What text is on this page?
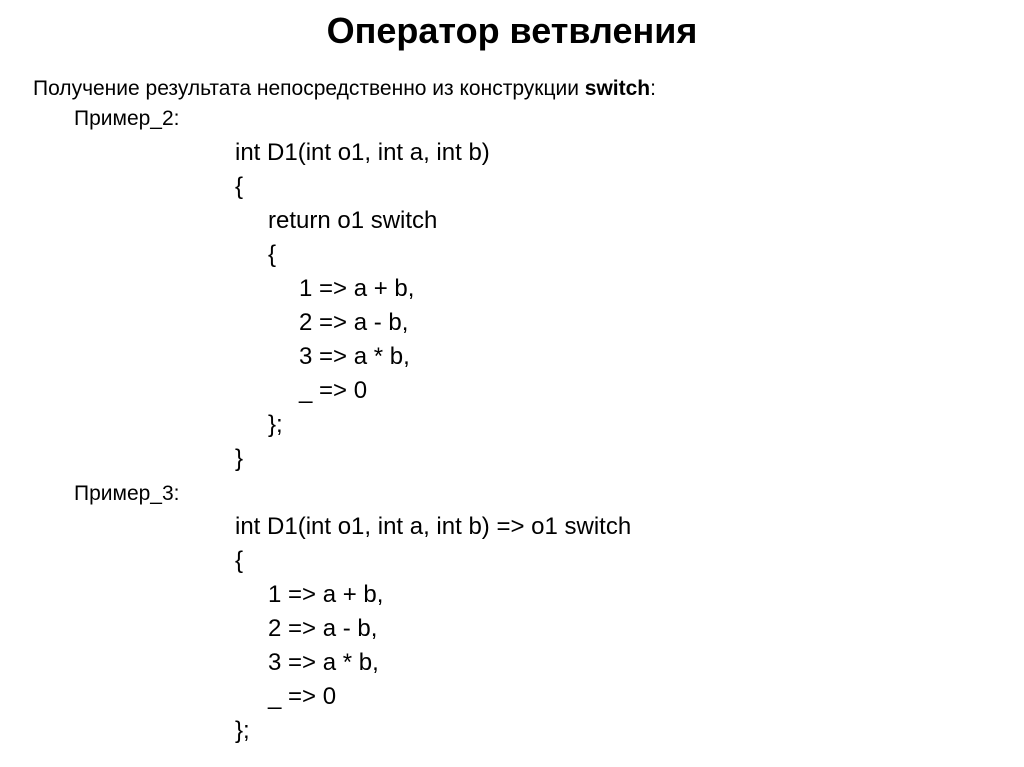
Оператор ветвления
Получение результата непосредственно из конструкции switch:
Пример_2:
int D1(int o1, int a, int b)
{
return o1 switch
{
1 => a + b,
2 => a - b,
3 => a * b,
_ => 0
};
}
Пример_3:
int D1(int o1, int a, int b) => o1 switch
{
1 => a + b,
2 => a - b,
3 => a * b,
_ => 0
};
